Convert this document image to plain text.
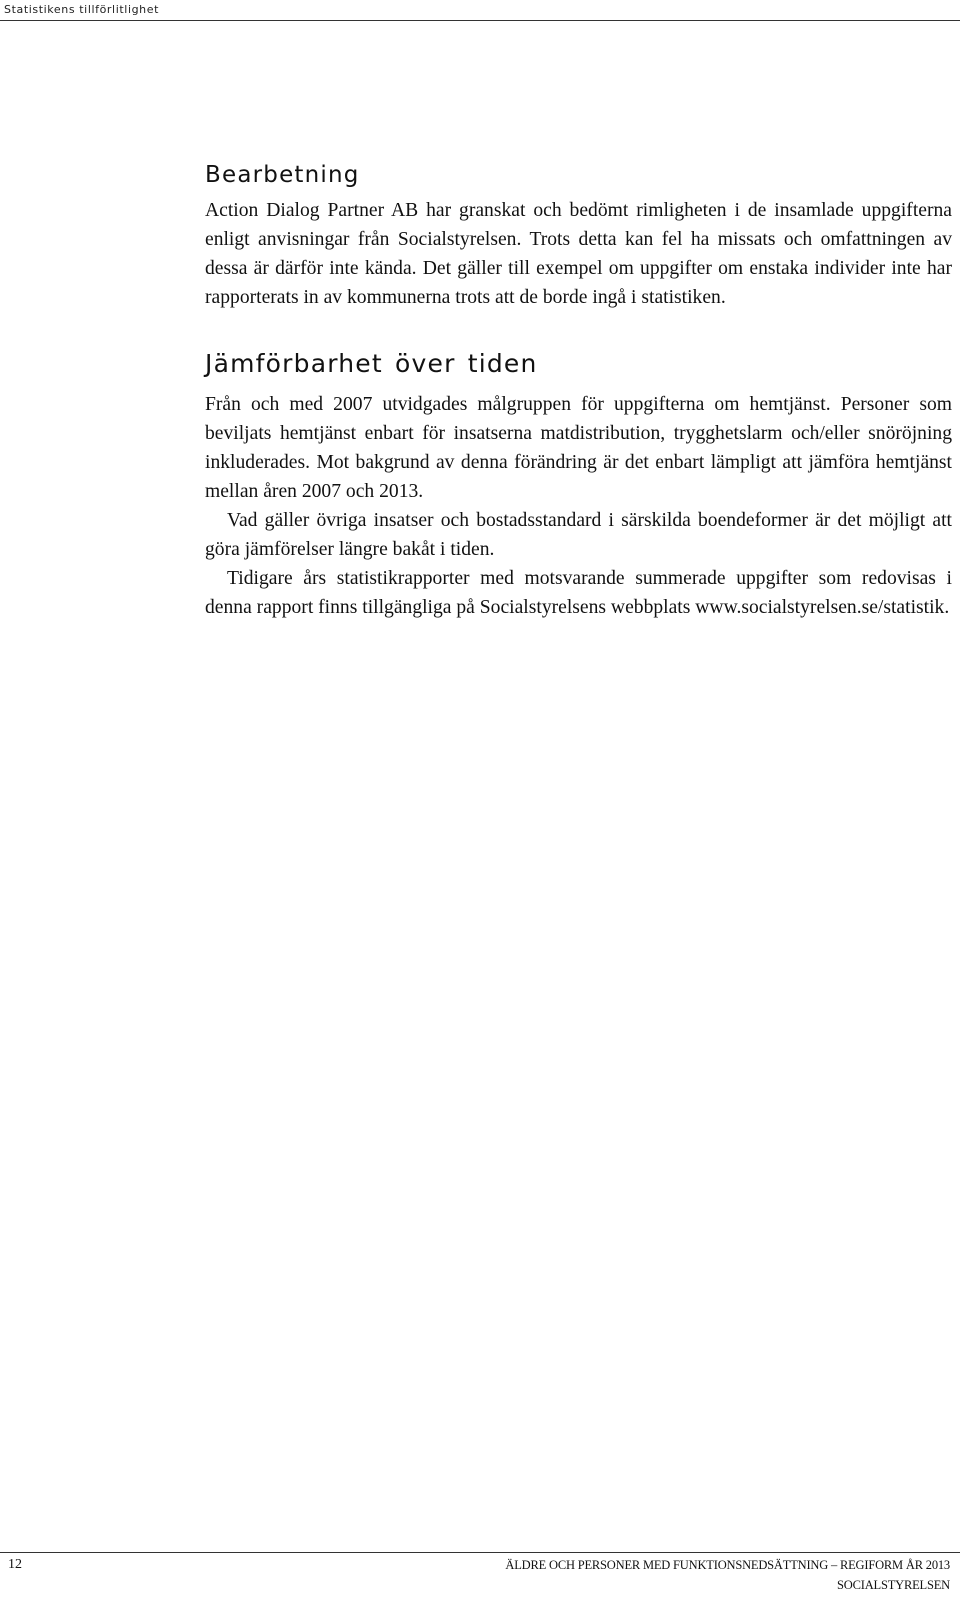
Statistikens tillförlitlighet
Bearbetning

Action Dialog Partner AB har granskat och bedömt rimligheten i de insamlade uppgifterna enligt anvisningar från Socialstyrelsen. Trots detta kan fel ha missats och omfattningen av dessa är därför inte kända. Det gäller till exempel om uppgifter om enstaka individer inte har rapporterats in av kommunerna trots att de borde ingå i statistiken.

Jämförbarhet över tiden

Från och med 2007 utvidgades målgruppen för uppgifterna om hemtjänst. Personer som beviljats hemtjänst enbart för insatserna matdistribution, trygghetslarm och/eller snöröjning inkluderades. Mot bakgrund av denna förändring är det enbart lämpligt att jämföra hemtjänst mellan åren 2007 och 2013.

Vad gäller övriga insatser och bostadsstandard i särskilda boendeformer är det möjligt att göra jämförelser längre bakåt i tiden.

Tidigare års statistikrapporter med motsvarande summerade uppgifter som redovisas i denna rapport finns tillgängliga på Socialstyrelsens webbplats www.socialstyrelsen.se/statistik.

12	ÄLDRE OCH PERSONER MED FUNKTIONSNEDSÄTTNING – REGIFORM ÅR 2013
SOCIALSTYRELSEN
